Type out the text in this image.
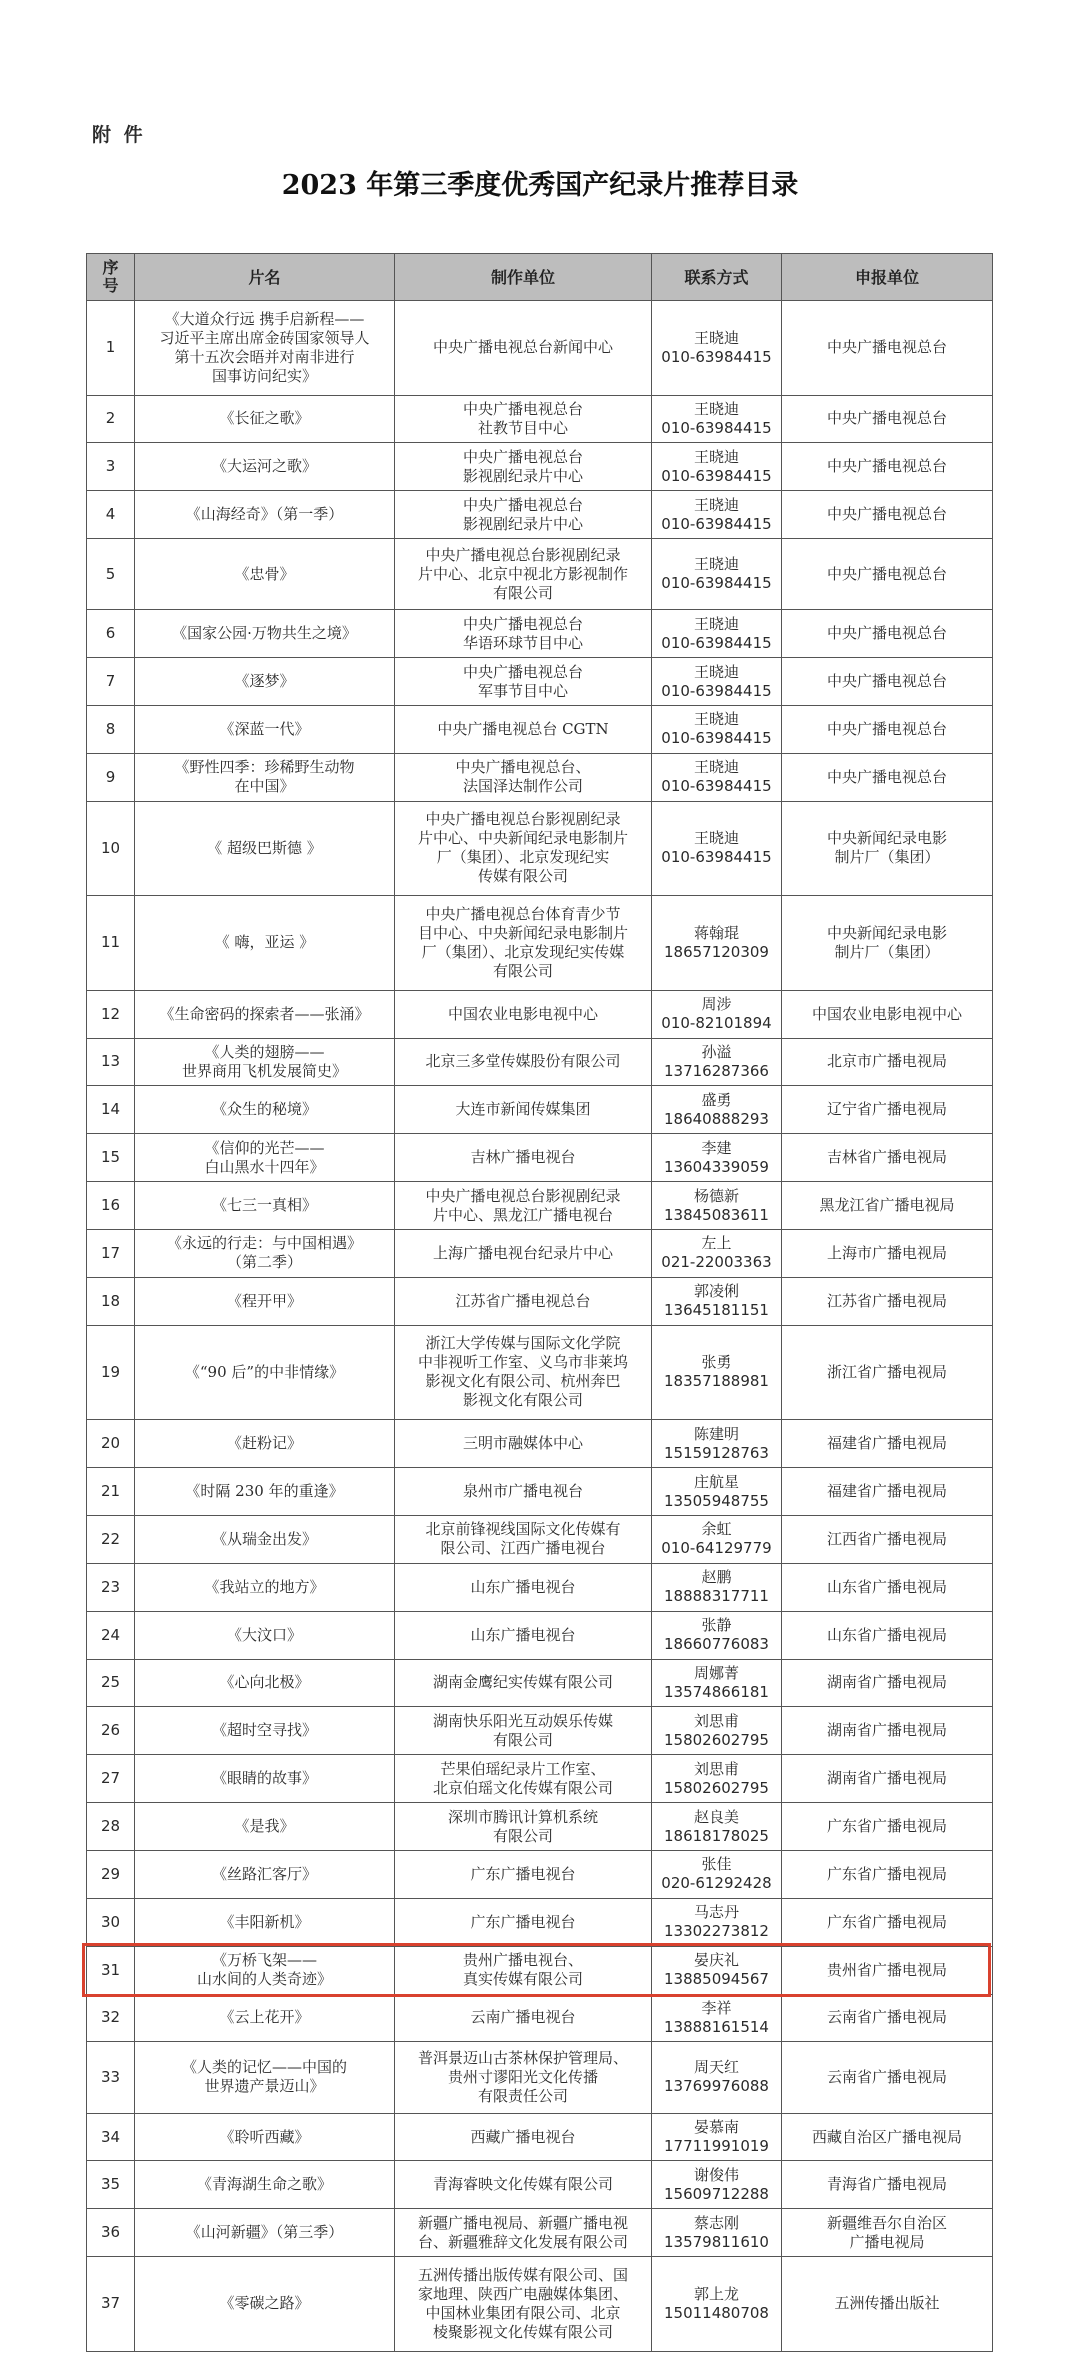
附 件
2023 年第三季度优秀国产纪录片推荐目录
序
号	片名	制作单位	联系方式	申报单位
1	《大道众行远 携手启新程——
习近平主席出席金砖国家领导人
第十五次会晤并对南非进行
国事访问纪实》	中央广播电视总台新闻中心	王晓迪
010-63984415	中央广播电视总台
2	《长征之歌》	中央广播电视总台
社教节目中心	王晓迪
010-63984415	中央广播电视总台
3	《大运河之歌》	中央广播电视总台
影视剧纪录片中心	王晓迪
010-63984415	中央广播电视总台
4	《山海经奇》（第一季）	中央广播电视总台
影视剧纪录片中心	王晓迪
010-63984415	中央广播电视总台
5	《忠骨》	中央广播电视总台影视剧纪录
片中心、北京中视北方影视制作
有限公司	王晓迪
010-63984415	中央广播电视总台
6	《国家公园·万物共生之境》	中央广播电视总台
华语环球节目中心	王晓迪
010-63984415	中央广播电视总台
7	《逐梦》	中央广播电视总台
军事节目中心	王晓迪
010-63984415	中央广播电视总台
8	《深蓝一代》	中央广播电视总台 CGTN	王晓迪
010-63984415	中央广播电视总台
9	《野性四季：珍稀野生动物
在中国》	中央广播电视总台、
法国泽达制作公司	王晓迪
010-63984415	中央广播电视总台
10	《 超级巴斯德 》	中央广播电视总台影视剧纪录
片中心、中央新闻纪录电影制片
厂（集团）、北京发现纪实
传媒有限公司	王晓迪
010-63984415	中央新闻纪录电影
制片厂（集团）
11	《 嗨，亚运 》	中央广播电视总台体育青少节
目中心、中央新闻纪录电影制片
厂（集团）、北京发现纪实传媒
有限公司	蒋翰琨
18657120309	中央新闻纪录电影
制片厂（集团）
12	《生命密码的探索者——张涌》	中国农业电影电视中心	周涉
010-82101894	中国农业电影电视中心
13	《人类的翅膀——
世界商用飞机发展简史》	北京三多堂传媒股份有限公司	孙溢
13716287366	北京市广播电视局
14	《众生的秘境》	大连市新闻传媒集团	盛勇
18640888293	辽宁省广播电视局
15	《信仰的光芒——
白山黑水十四年》	吉林广播电视台	李建
13604339059	吉林省广播电视局
16	《七三一真相》	中央广播电视总台影视剧纪录
片中心、黑龙江广播电视台	杨德新
13845083611	黑龙江省广播电视局
17	《永远的行走：与中国相遇》
（第二季）	上海广播电视台纪录片中心	左上
021-22003363	上海市广播电视局
18	《程开甲》	江苏省广播电视总台	郭凌俐
13645181151	江苏省广播电视局
19	《“90 后”的中非情缘》	浙江大学传媒与国际文化学院
中非视听工作室、义乌市非莱坞
影视文化有限公司、杭州奔巴
影视文化有限公司	张勇
18357188981	浙江省广播电视局
20	《赶粉记》	三明市融媒体中心	陈建明
15159128763	福建省广播电视局
21	《时隔 230 年的重逢》	泉州市广播电视台	庄航星
13505948755	福建省广播电视局
22	《从瑞金出发》	北京前锋视线国际文化传媒有
限公司、江西广播电视台	余虹
010-64129779	江西省广播电视局
23	《我站立的地方》	山东广播电视台	赵鹏
18888317711	山东省广播电视局
24	《大汶口》	山东广播电视台	张静
18660776083	山东省广播电视局
25	《心向北极》	湖南金鹰纪实传媒有限公司	周娜菁
13574866181	湖南省广播电视局
26	《超时空寻找》	湖南快乐阳光互动娱乐传媒
有限公司	刘思甫
15802602795	湖南省广播电视局
27	《眼睛的故事》	芒果伯瑶纪录片工作室、
北京伯瑶文化传媒有限公司	刘思甫
15802602795	湖南省广播电视局
28	《是我》	深圳市腾讯计算机系统
有限公司	赵良美
18618178025	广东省广播电视局
29	《丝路汇客厅》	广东广播电视台	张佳
020-61292428	广东省广播电视局
30	《丰阳新机》	广东广播电视台	马志丹
13302273812	广东省广播电视局
31	《万桥飞架——
山水间的人类奇迹》	贵州广播电视台、
真实传媒有限公司	晏庆礼
13885094567	贵州省广播电视局
32	《云上花开》	云南广播电视台	李祥
13888161514	云南省广播电视局
33	《人类的记忆——中国的
世界遗产景迈山》	普洱景迈山古茶林保护管理局、
贵州寸谬阳光文化传播
有限责任公司	周天红
13769976088	云南省广播电视局
34	《聆听西藏》	西藏广播电视台	晏慕南
17711991019	西藏自治区广播电视局
35	《青海湖生命之歌》	青海睿映文化传媒有限公司	谢俊伟
15609712288	青海省广播电视局
36	《山河新疆》（第三季）	新疆广播电视局、新疆广播电视
台、新疆雅辞文化发展有限公司	蔡志刚
13579811610	新疆维吾尔自治区
广播电视局
37	《零碳之路》	五洲传播出版传媒有限公司、国
家地理、陕西广电融媒体集团、
中国林业集团有限公司、北京
棱聚影视文化传媒有限公司	郭上龙
15011480708	五洲传播出版社
